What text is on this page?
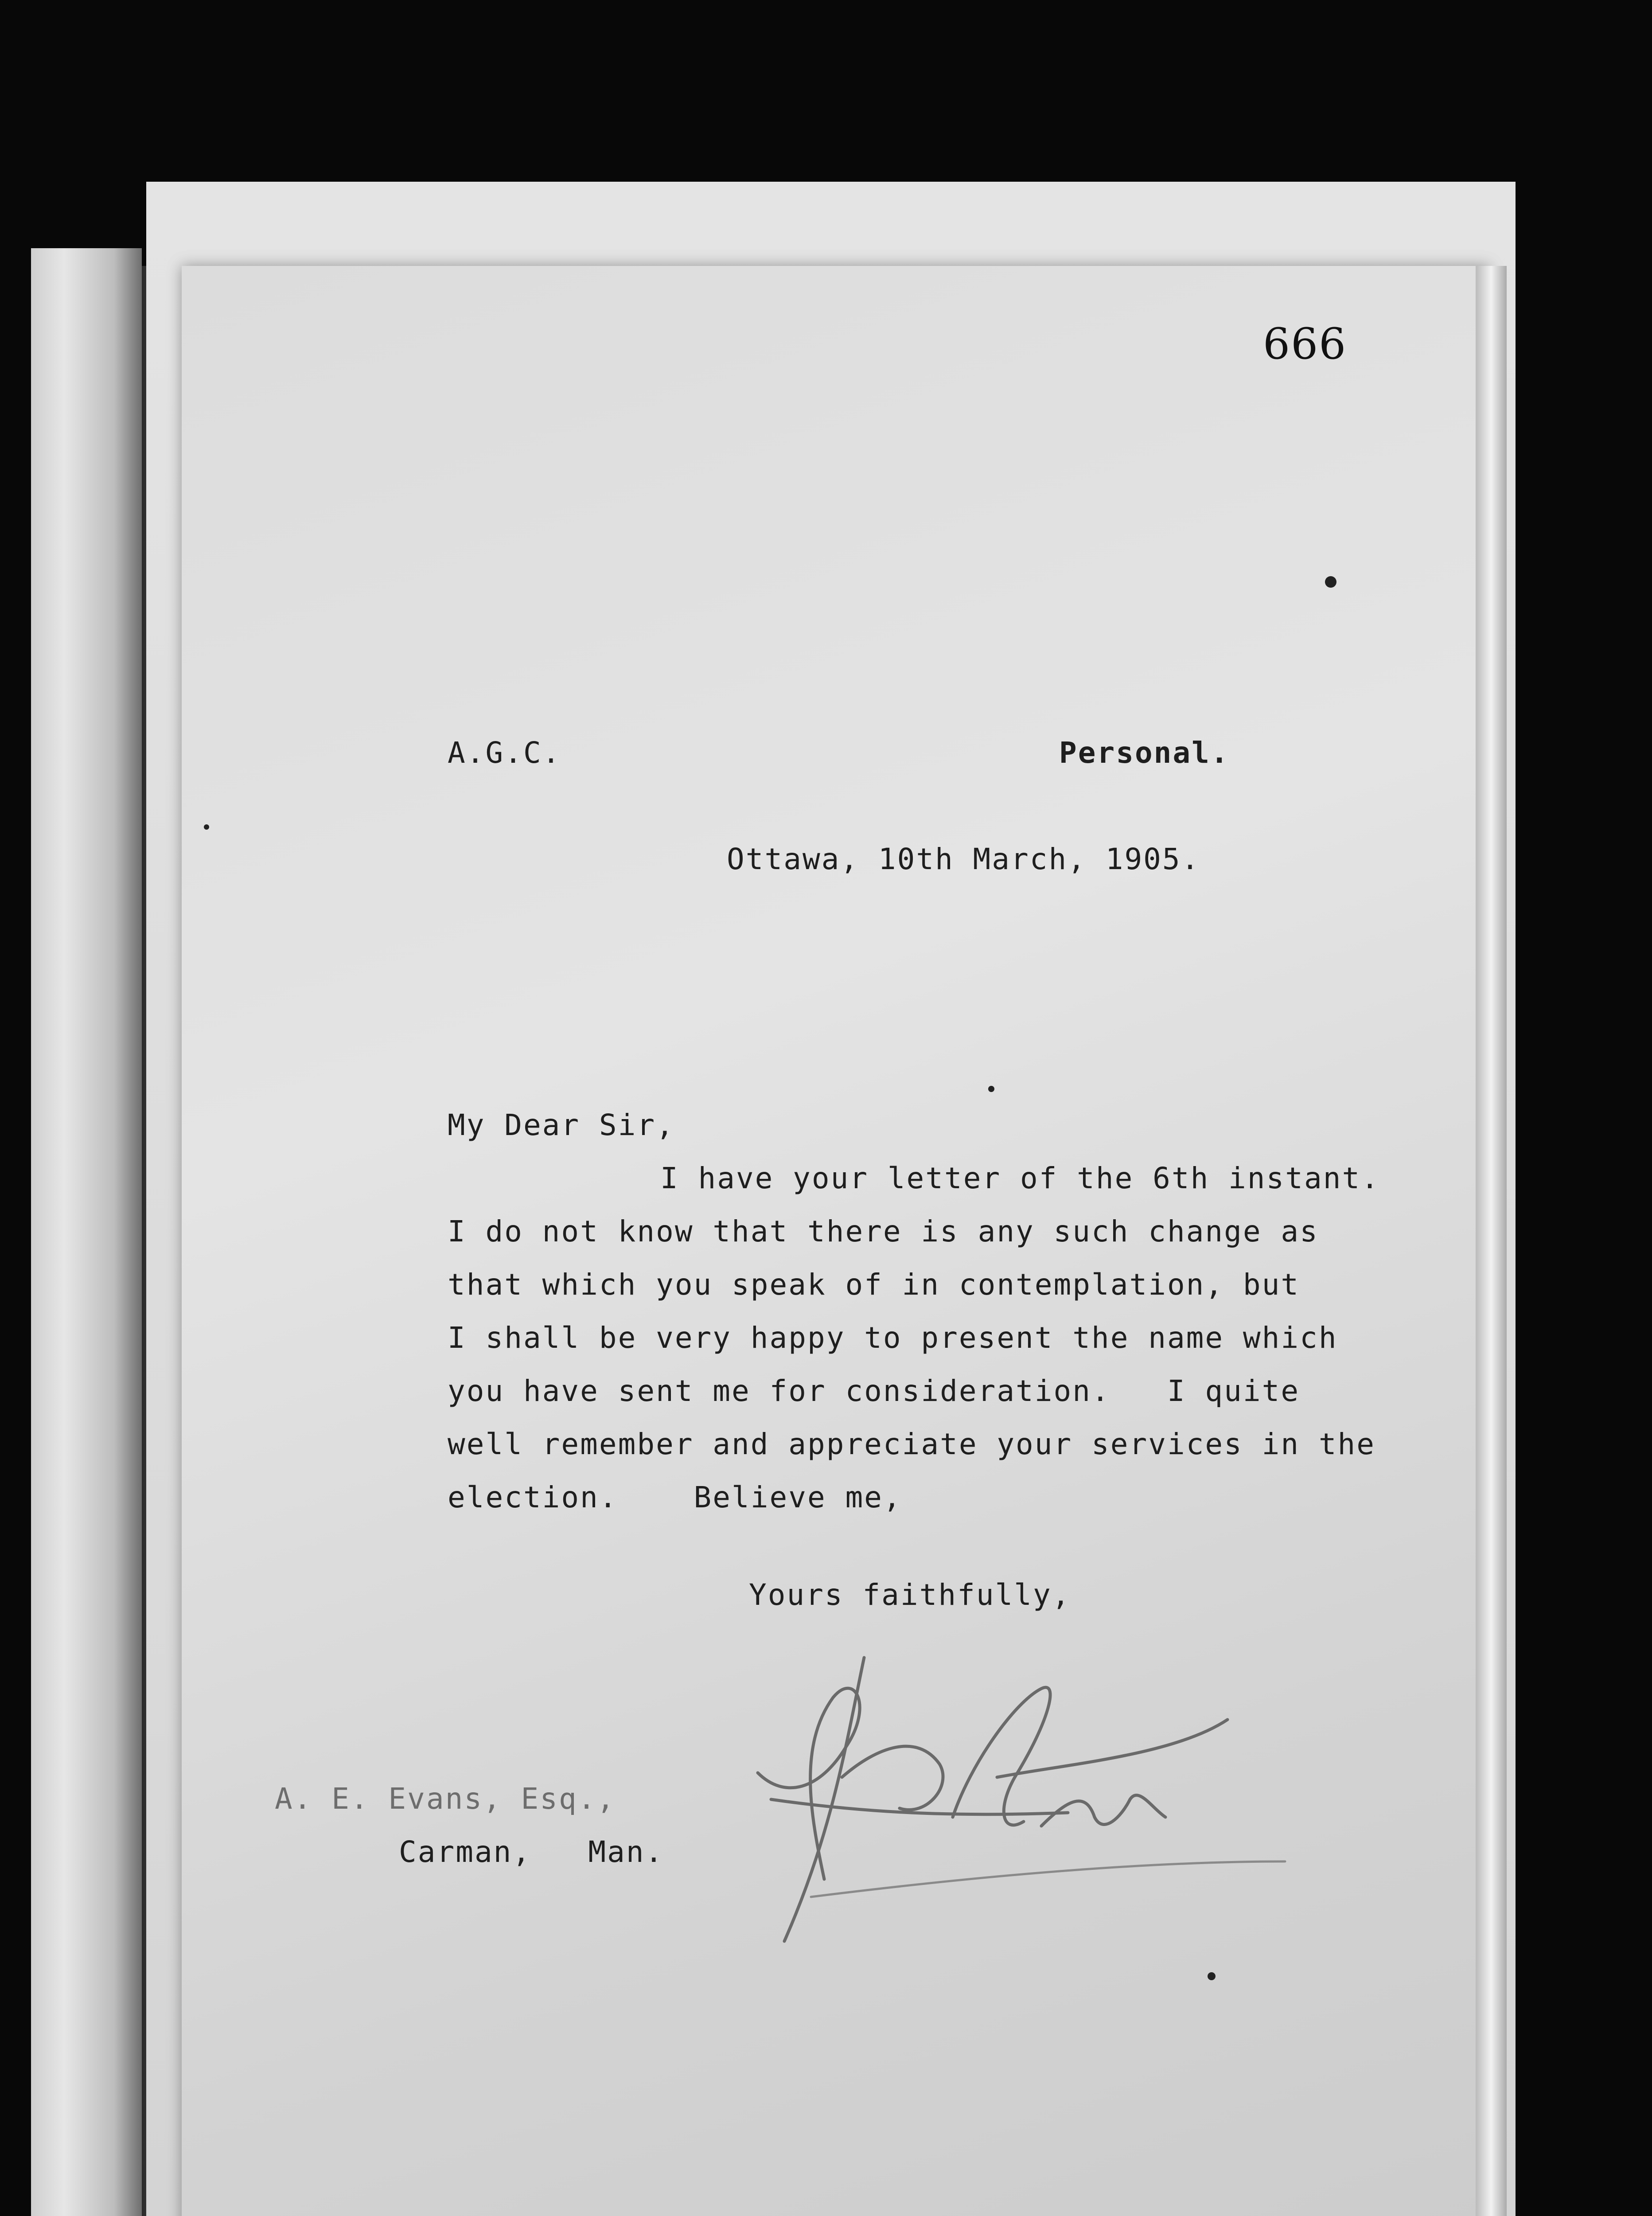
666
A.G.C.	Personal.
Ottawa, 10th March, 1905.
My Dear Sir,
I have your letter of the 6th instant.
I do not know that there is any such change as
that which you speak of in contemplation, but
I shall be very happy to present the name which
you have sent me for consideration.   I quite
well remember and appreciate your services in the
election.    Believe me,
Yours faithfully,
A. E. Evans, Esq.,
Carman,   Man.
